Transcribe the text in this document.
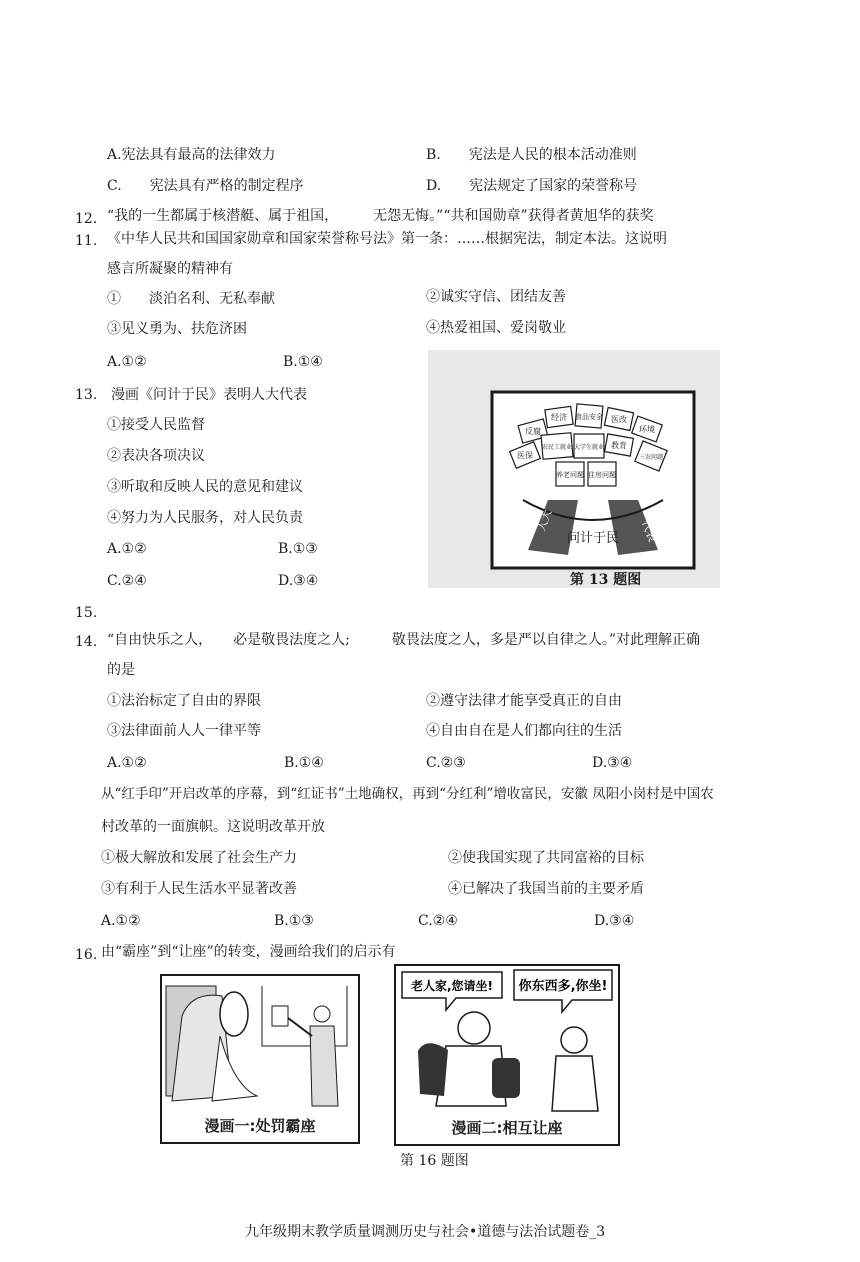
A.宪法具有最高的法律效力	B.　　宪法是人民的根本活动准则
C.　　宪法具有严格的制定程序	D.　　宪法规定了国家的荣誉称号
12. “我的一生都属于核潜艇、属于祖国，　　　无怨无悔。”“共和国勋章”获得者黄旭华的获奖
11. 《中华人民共和国国家勋章和国家荣誉称号法》第一条：……根据宪法，制定本法。这说明
感言所凝聚的精神有
①　　淡泊名利、无私奉献	②诚实守信、团结友善
③见义勇为、扶危济困	④热爱祖国、爱岗敬业
A.①②	B.①④
13. 漫画《问计于民》表明人大代表
①接受人民监督
②表决各项决议
③听取和反映人民的意见和建议
④努力为人民服务，对人民负责
A.①②	B.①③
C.②④	D.③④
反腐
经济 食品安全 医改
环境
医保
农民工就业 大学生就业 教育
三农问题
养老问题 住房问题
问计于民
人大	代表
第 13 题图
15.
14. “自由快乐之人，　　必是敬畏法度之人;　　　敬畏法度之人，多是严以自律之人。”对此理解正确
的是
①法治标定了自由的界限	②遵守法律才能享受真正的自由
③法律面前人人一律平等	④自由自在是人们都向往的生活
A.①②	B.①④	C.②③	D.③④
从“红手印”开启改革的序幕，到“红证书”土地确权，再到“分红利”增收富民，安徽 凤阳小岗村是中国农
村改革的一面旗帜。这说明改革开放
①极大解放和发展了社会生产力	②使我国实现了共同富裕的目标
③有利于人民生活水平显著改善	④已解决了我国当前的主要矛盾
A.①②	B.①③	C.②④	D.③④
16. 由“霸座”到“让座”的转变，漫画给我们的启示有
漫画一:处罚霸座
老人家,您请坐! 你东西多,你坐!
漫画二:相互让座
第 16 题图
九年级期末教学质量调测历史与社会•道德与法治试题卷_3
